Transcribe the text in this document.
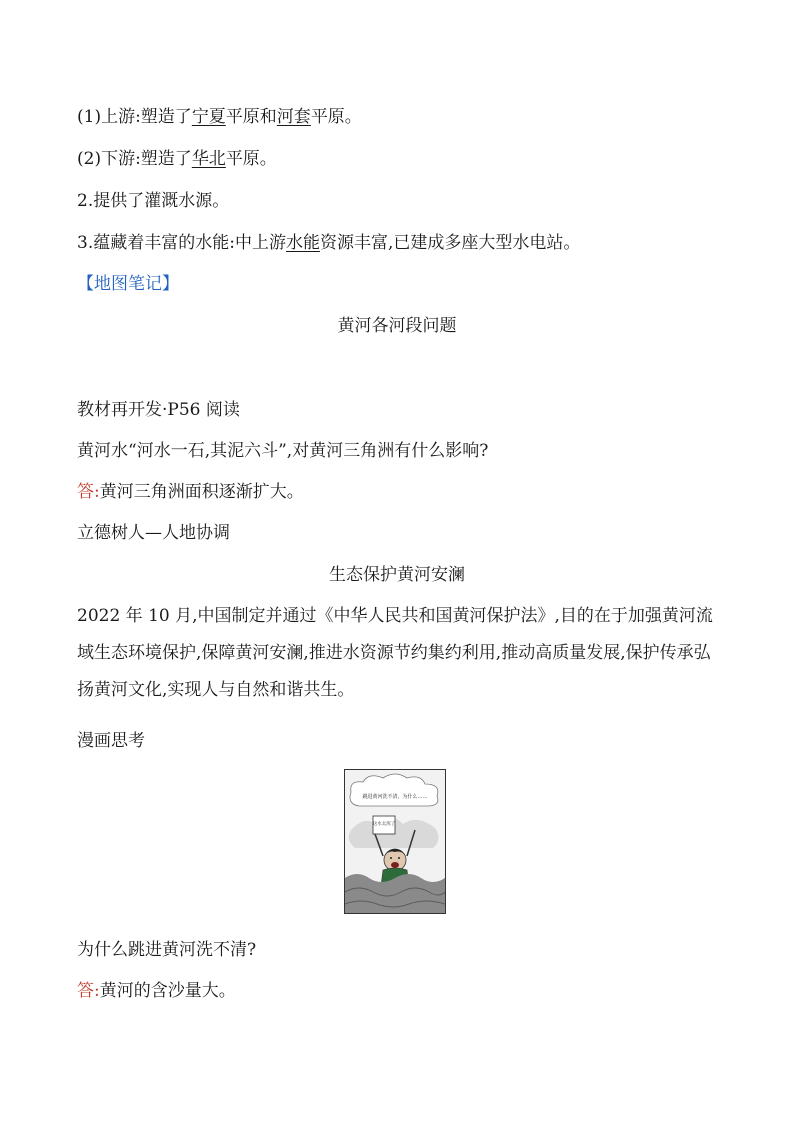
(1)上游:塑造了宁夏平原和河套平原。
(2)下游:塑造了华北平原。
2.提供了灌溉水源。
3.蕴藏着丰富的水能:中上游水能资源丰富,已建成多座大型水电站。
【地图笔记】
黄河各河段问题
教材再开发·P56 阅读
黄河水“河水一石,其泥六斗”,对黄河三角洲有什么影响?
答:黄河三角洲面积逐渐扩大。
立德树人—人地协调
生态保护黄河安澜
2022 年 10 月,中国制定并通过《中华人民共和国黄河保护法》,目的在于加强黄河流域生态环境保护,保障黄河安澜,推进水资源节约集约利用,推动高质量发展,保护传承弘扬黄河文化,实现人与自然和谐共生。
漫画思考
跳进黄河洗不清，为什么……
这水太浑了
为什么跳进黄河洗不清?
答:黄河的含沙量大。
